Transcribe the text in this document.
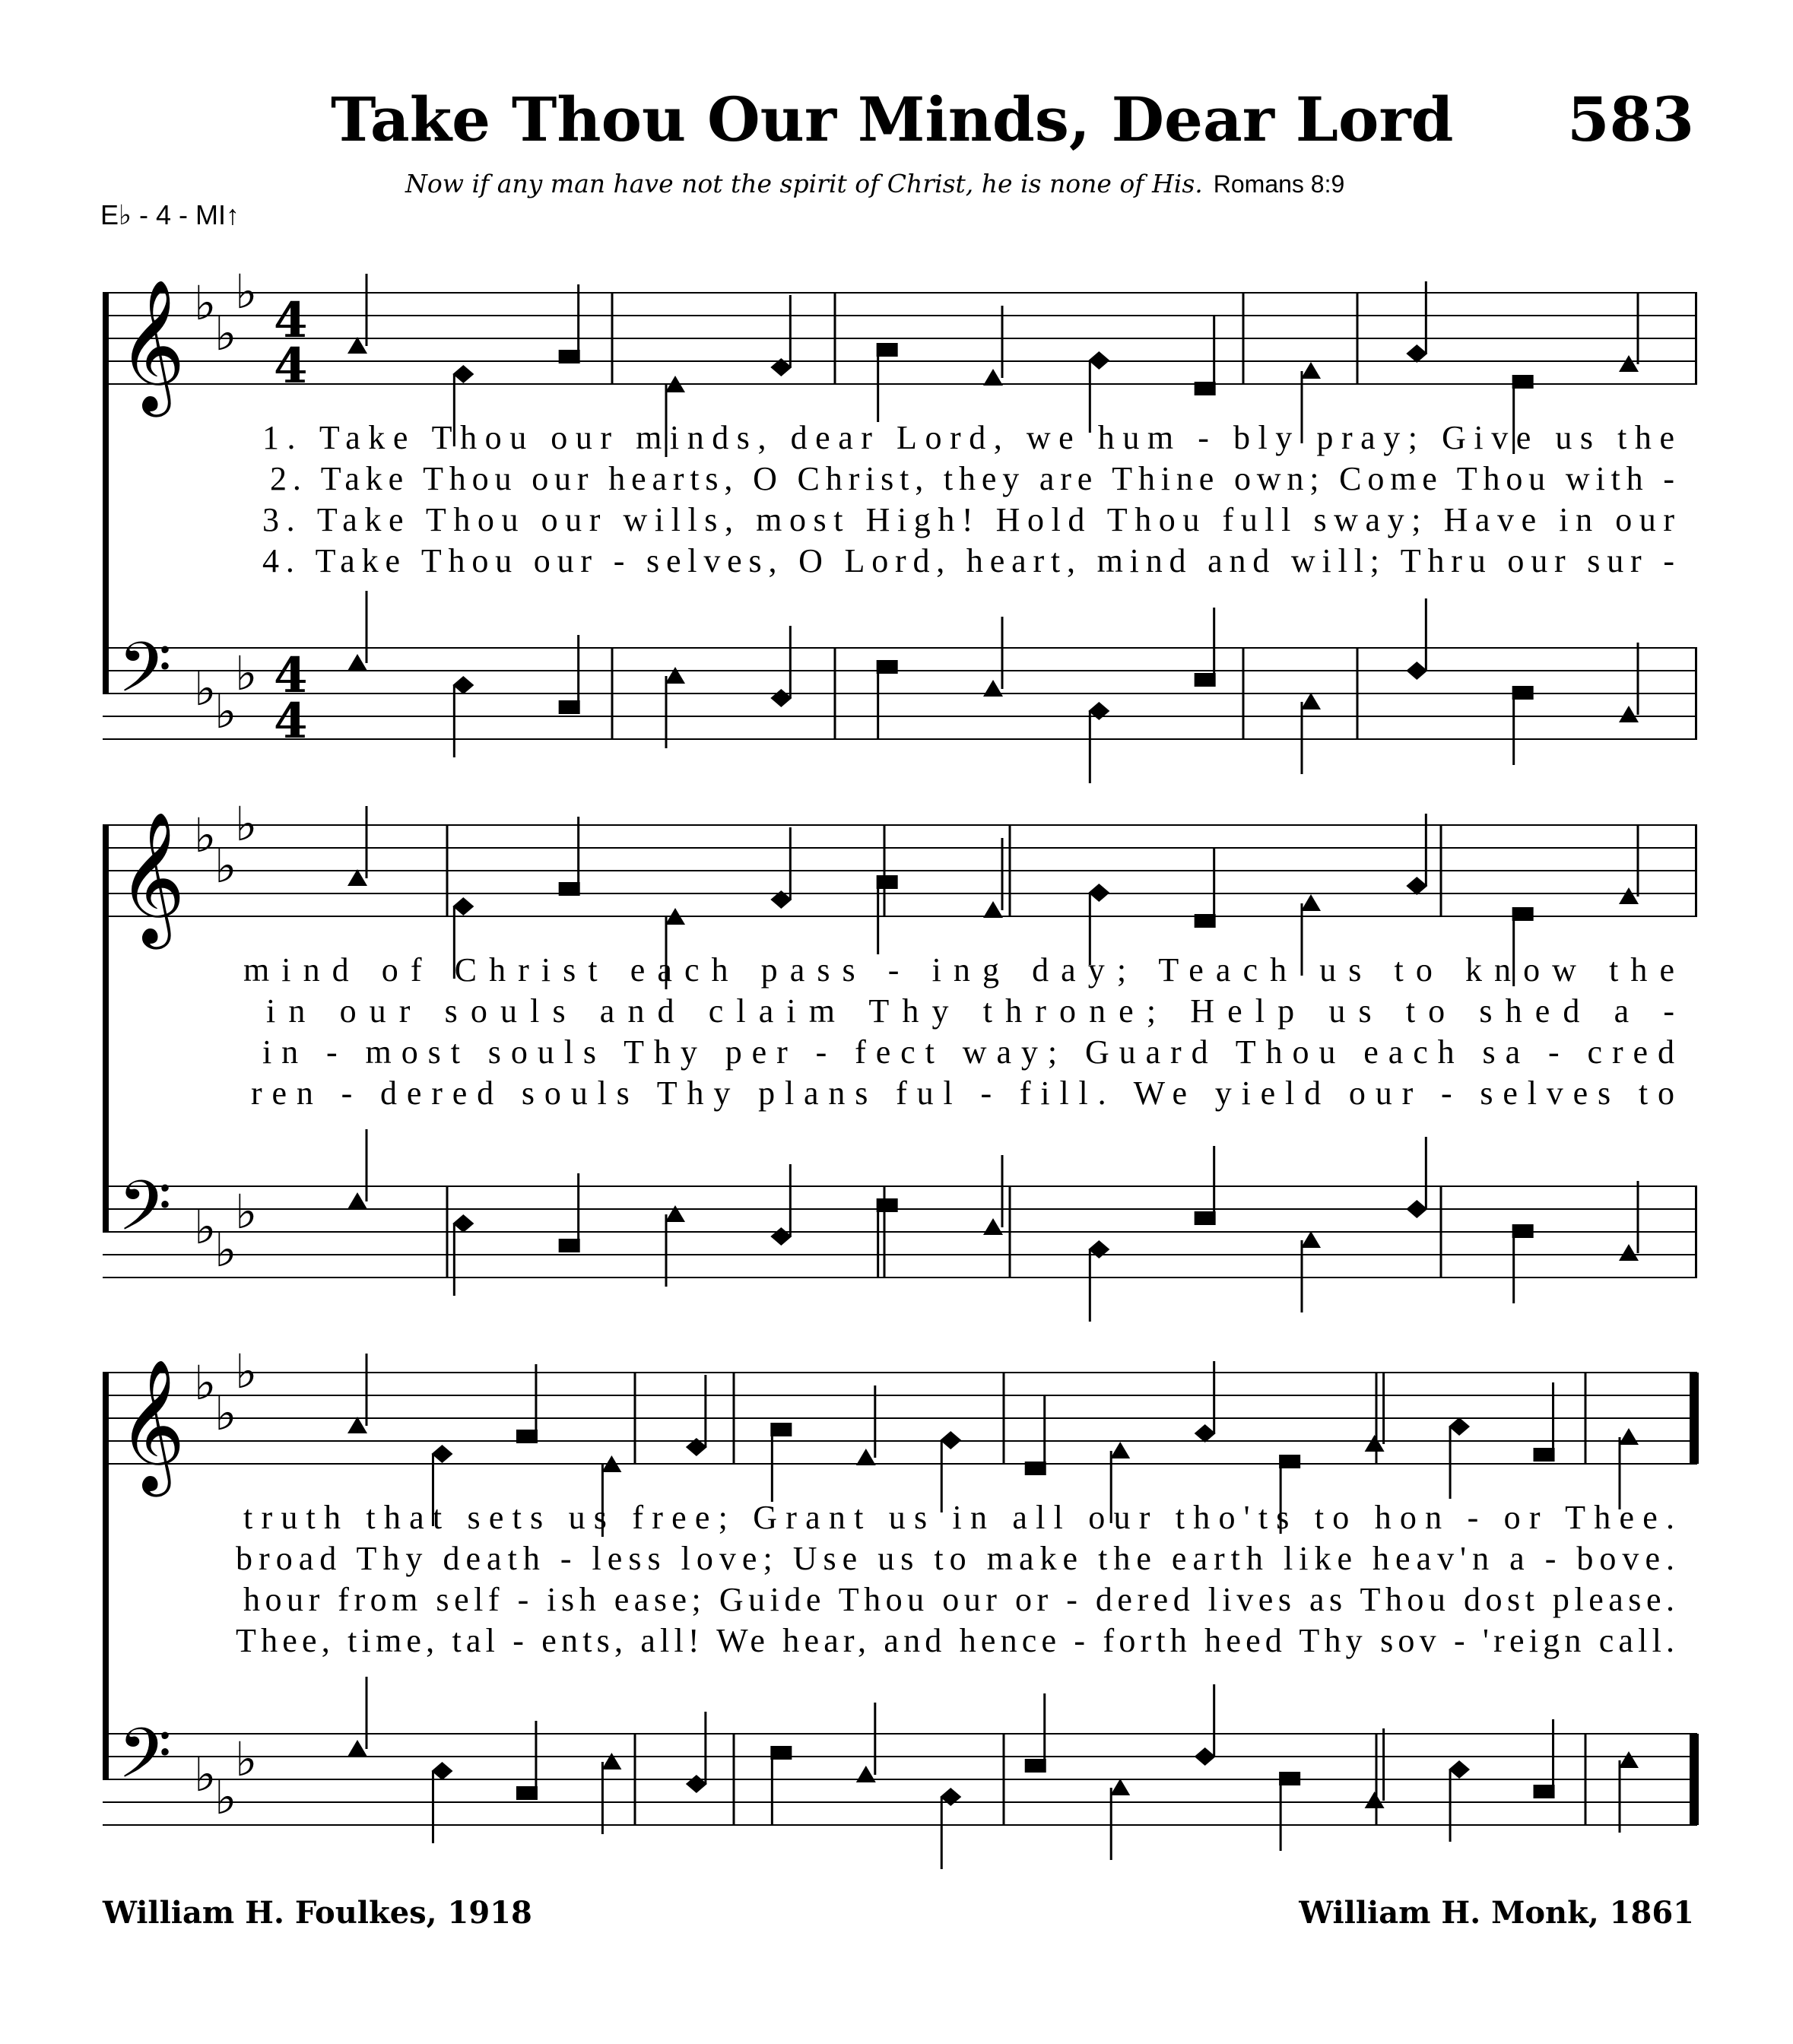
Take Thou Our Minds, Dear Lord 583
Now if any man have not the spirit of Christ, he is none of His. Romans 8:9
E♭ - 4 - MI↑
𝄞 ♭
♭
♭
4
4
𝄢 ♭
♭
♭ 4
4
1. Take Thou our minds, dear Lord, we hum - bly pray; Give us the
2. Take Thou our hearts, O Christ, they are Thine own; Come Thou with -
3. Take Thou our wills, most High! Hold Thou full sway; Have in our
4. Take Thou our - selves, O Lord, heart, mind and will; Thru our sur -
𝄞 ♭
♭
♭
𝄢 ♭
♭
♭
mind of Christ each pass - ing day; Teach us to know the
in our souls and claim Thy throne; Help us to shed a -
in - most souls Thy per - fect way; Guard Thou each sa - cred
ren - dered souls Thy plans ful - fill. We yield our - selves to
𝄞 ♭
♭
♭
𝄢 ♭
♭
♭
truth that sets us free; Grant us in all our tho'ts to hon - or Thee.
broad Thy death - less love; Use us to make the earth like heav'n a - bove.
hour from self - ish ease; Guide Thou our or - dered lives as Thou dost please.
Thee, time, tal - ents, all! We hear, and hence - forth heed Thy sov - 'reign call.
William H. Foulkes, 1918	William H. Monk, 1861
